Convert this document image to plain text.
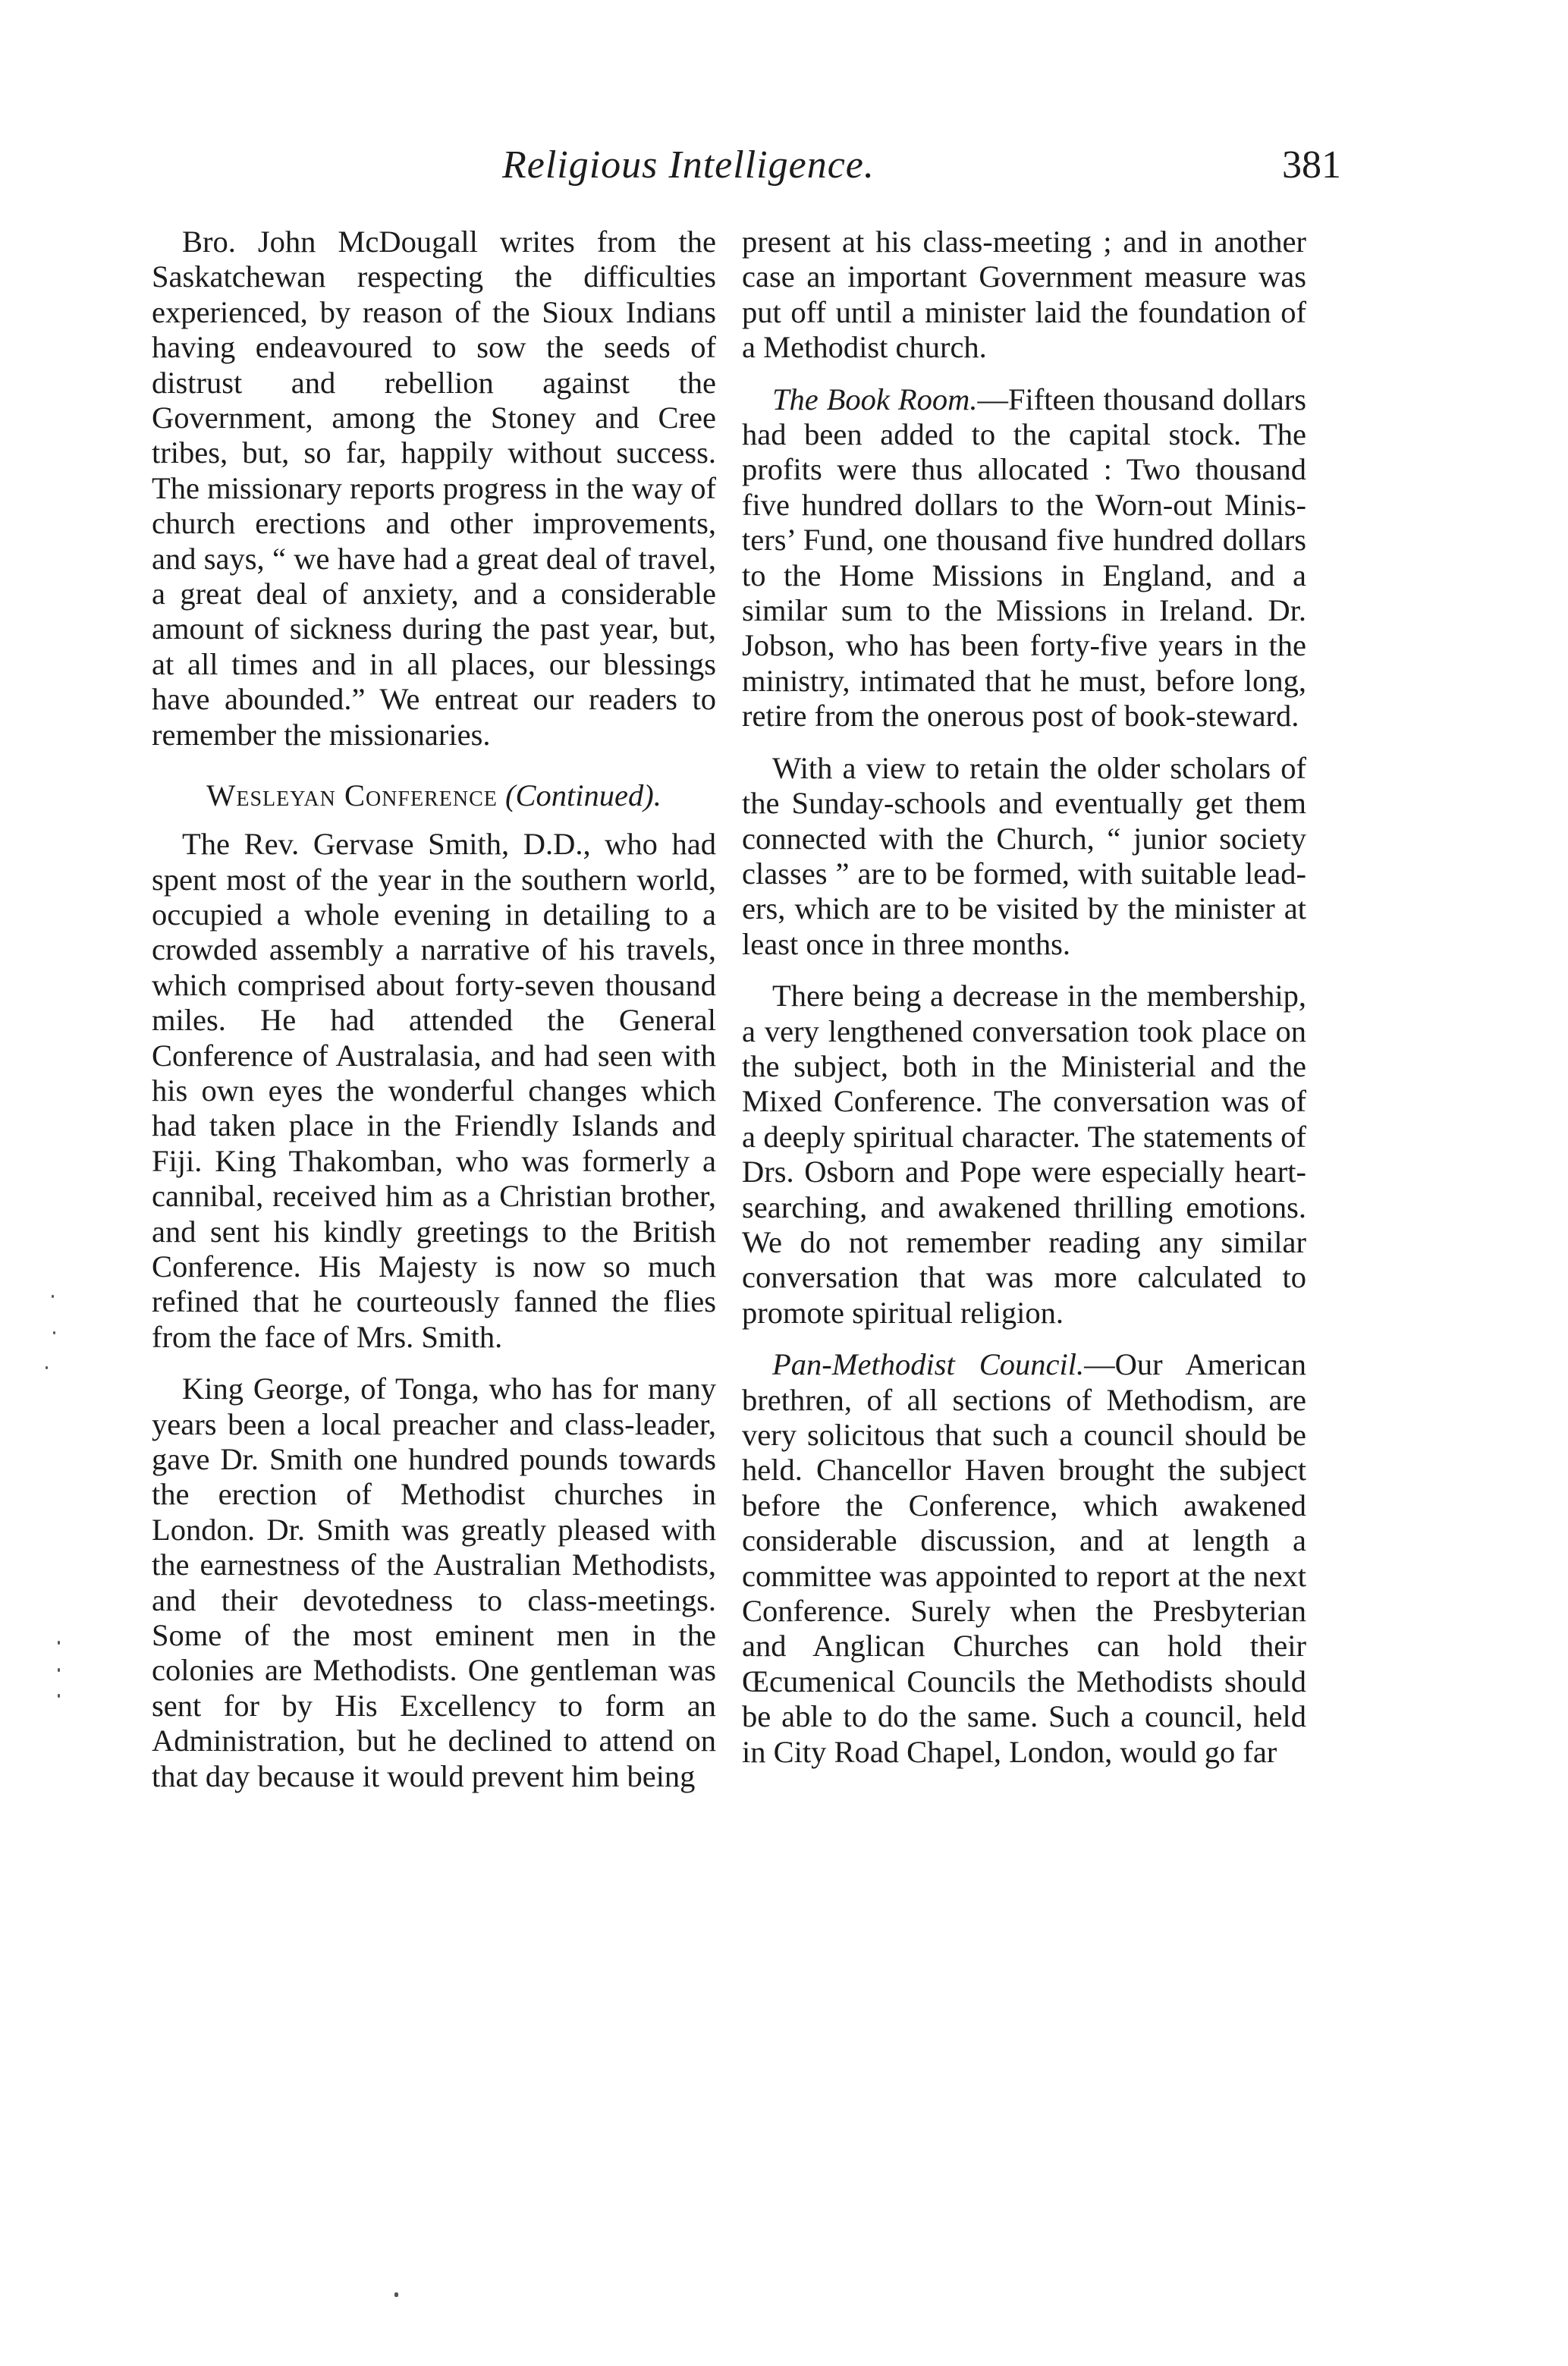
Religious Intelligence.	381

Bro. John McDougall writes from the Saskatchewan respecting the difficulties experienced, by reason of the Sioux Indians having endeavoured to sow the seeds of distrust and rebellion against the Government, among the Stoney and Cree tribes, but, so far, happily without success. The missionary reports progress in the way of church erections and other improvements, and says, “ we have had a great deal of travel, a great deal of anxiety, and a considerable amount of sickness during the past year, but, at all times and in all places, our blessings have abounded.” We entreat our readers to remember the missionaries.

Wesleyan Conference (Continued).

The Rev. Gervase Smith, D.D., who had spent most of the year in the southern world, occupied a whole evening in detailing to a crowded assembly a narrative of his travels, which comprised about forty-seven thousand miles. He had attended the General Conference of Australasia, and had seen with his own eyes the wonderful changes which had taken place in the Friendly Islands and Fiji. King Thakomban, who was formerly a cannibal, received him as a Christian brother, and sent his kindly greetings to the British Conference. His Majesty is now so much refined that he courteously fanned the flies from the face of Mrs. Smith.

King George, of Tonga, who has for many years been a local preacher and class-leader, gave Dr. Smith one hundred pounds towards the erection of Methodist churches in London. Dr. Smith was greatly pleased with the earnestness of the Australian Methodists, and their devotedness to class-meetings. Some of the most eminent men in the colonies are Methodists. One gentleman was sent for by His Excellency to form an Administration, but he declined to attend on that day because it would prevent him being

present at his class-meeting ; and in another case an important Government measure was put off until a minister laid the foundation of a Methodist church.

The Book Room.—Fifteen thousand dollars had been added to the capital stock. The profits were thus allocated : Two thousand five hundred dollars to the Worn-out Ministers’ Fund, one thousand five hundred dollars to the Home Missions in England, and a similar sum to the Missions in Ireland. Dr. Jobson, who has been forty-five years in the ministry, intimated that he must, before long, retire from the onerous post of book-steward.

With a view to retain the older scholars of the Sunday-schools and eventually get them connected with the Church, “ junior society classes ” are to be formed, with suitable leaders, which are to be visited by the minister at least once in three months.

There being a decrease in the membership, a very lengthened conversation took place on the subject, both in the Ministerial and the Mixed Conference. The conversation was of a deeply spiritual character. The statements of Drs. Osborn and Pope were especially heart-searching, and awakened thrilling emotions. We do not remember reading any similar conversation that was more calculated to promote spiritual religion.

Pan-Methodist Council.—Our American brethren, of all sections of Methodism, are very solicitous that such a council should be held. Chancellor Haven brought the subject before the Conference, which awakened considerable discussion, and at length a committee was appointed to report at the next Conference. Surely when the Presbyterian and Anglican Churches can hold their Œcumenical Councils the Methodists should be able to do the same. Such a council, held in City Road Chapel, London, would go far
